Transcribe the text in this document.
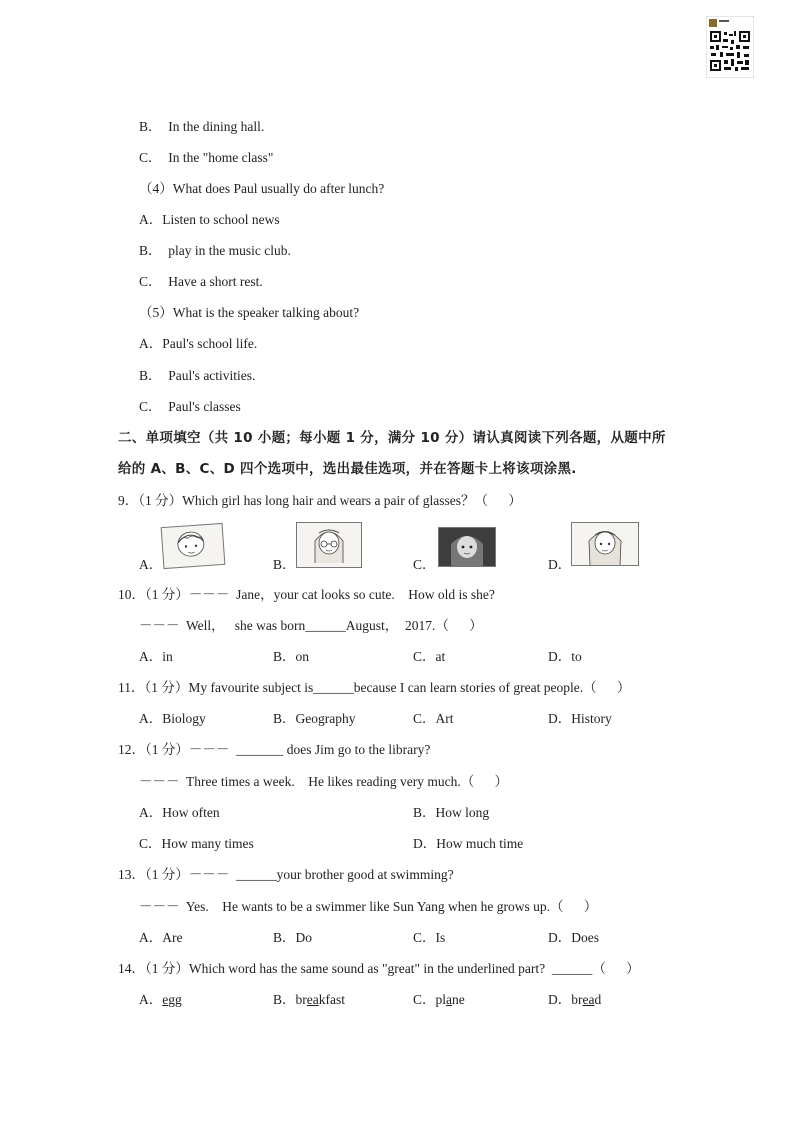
B．  In the dining hall.
C．  In the "home class"
（4）What does Paul usually do after lunch?
A．Listen to school news
B．  play in the music club.
C．  Have a short rest.
（5）What is the speaker talking about?
A．Paul's school life.
B．  Paul's activities.
C．  Paul's classes
二、单项填空（共 10 小题；每小题 1 分，满分 10 分）请认真阅读下列各题，从题中所
给的 A、B、C、D 四个选项中，选出最佳选项，并在答题卡上将该项涂黑.
9．（1 分）Which girl has long hair and wears a pair of glasses？（      ）
A．	B．	C．	D．
10．（1 分）－－－  Jane，your cat looks so cute.    How old is she?
－－－  Well，   she was born______August，  2017.（      ）
A．in	B．on	C．at	D．to
11．（1 分）My favourite subject is______because I can learn stories of great people.（      ）
A．Biology	B．Geography	C．Art	D．History
12．（1 分）－－－  _______ does Jim go to the library?
－－－  Three times a week.    He likes reading very much.（      ）
A．How often	B．How long
C．How many times	D．How much time
13．（1 分）－－－  ______your brother good at swimming?
－－－  Yes.    He wants to be a swimmer like Sun Yang when he grows up.（      ）
A．Are	B．Do	C．Is	D．Does
14．（1 分）Which word has the same sound as "great" in the underlined part?  ______（      ）
A．egg	B．breakfast	C．plane	D．bread
